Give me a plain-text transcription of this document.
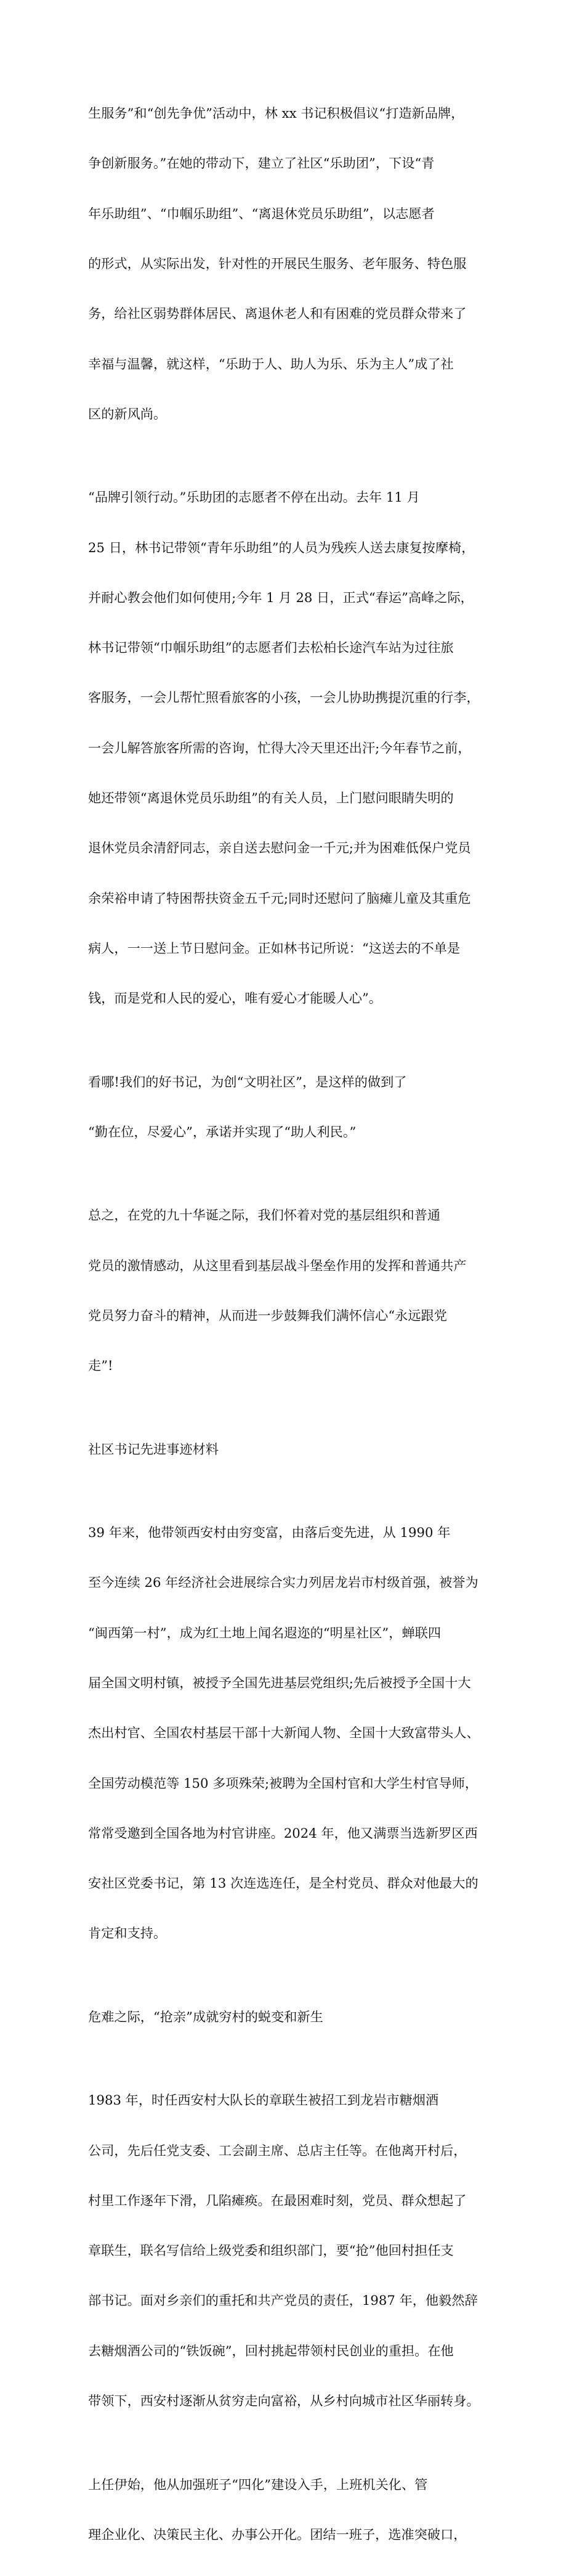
生服务”和“创先争优”活动中，林 xx 书记积极倡议“打造新品牌，

争创新服务。”在她的带动下，建立了社区“乐助团”，下设“青

年乐助组”、“巾帼乐助组”、“离退休党员乐助组”，以志愿者

的形式，从实际出发，针对性的开展民生服务、老年服务、特色服

务，给社区弱势群体居民、离退休老人和有困难的党员群众带来了

幸福与温馨，就这样，“乐助于人、助人为乐、乐为主人”成了社

区的新风尚。

“品牌引领行动。”乐助团的志愿者不停在出动。去年 11 月

25 日，林书记带领“青年乐助组”的人员为残疾人送去康复按摩椅，

并耐心教会他们如何使用;今年 1 月 28 日，正式“春运”高峰之际，

林书记带领“巾帼乐助组”的志愿者们去松柏长途汽车站为过往旅

客服务，一会儿帮忙照看旅客的小孩，一会儿协助携提沉重的行李，

一会儿解答旅客所需的咨询，忙得大冷天里还出汗;今年春节之前，

她还带领“离退休党员乐助组”的有关人员，上门慰问眼睛失明的

退休党员余清舒同志，亲自送去慰问金一千元;并为困难低保户党员

余荣裕申请了特困帮扶资金五千元;同时还慰问了脑瘫儿童及其重危

病人，一一送上节日慰问金。正如林书记所说：“这送去的不单是

钱，而是党和人民的爱心，唯有爱心才能暖人心”。

看哪!我们的好书记，为创“文明社区”，是这样的做到了

“勤在位，尽爱心”，承诺并实现了“助人利民。”

总之，在党的九十华诞之际，我们怀着对党的基层组织和普通

党员的激情感动，从这里看到基层战斗堡垒作用的发挥和普通共产

党员努力奋斗的精神，从而进一步鼓舞我们满怀信心“永远跟党

走”!

社区书记先进事迹材料

39 年来，他带领西安村由穷变富，由落后变先进，从 1990 年

至今连续 26 年经济社会进展综合实力列居龙岩市村级首强，被誉为

“闽西第一村”，成为红土地上闻名遐迩的“明星社区”，蝉联四

届全国文明村镇，被授予全国先进基层党组织;先后被授予全国十大

杰出村官、全国农村基层干部十大新闻人物、全国十大致富带头人、

全国劳动模范等 150 多项殊荣;被聘为全国村官和大学生村官导师，

常常受邀到全国各地为村官讲座。2024 年，他又满票当选新罗区西

安社区党委书记，第 13 次连选连任，是全村党员、群众对他最大的

肯定和支持。

危难之际，“抢亲”成就穷村的蜕变和新生

1983 年，时任西安村大队长的章联生被招工到龙岩市糖烟酒

公司，先后任党支委、工会副主席、总店主任等。在他离开村后，

村里工作逐年下滑，几陷瘫痪。在最困难时刻，党员、群众想起了

章联生，联名写信给上级党委和组织部门，要“抢”他回村担任支

部书记。面对乡亲们的重托和共产党员的责任，1987 年，他毅然辞

去糖烟酒公司的“铁饭碗”，回村挑起带领村民创业的重担。在他

带领下，西安村逐渐从贫穷走向富裕，从乡村向城市社区华丽转身。

上任伊始，他从加强班子“四化”建设入手，上班机关化、管

理企业化、决策民主化、办事公开化。团结一班子，选准突破口，
